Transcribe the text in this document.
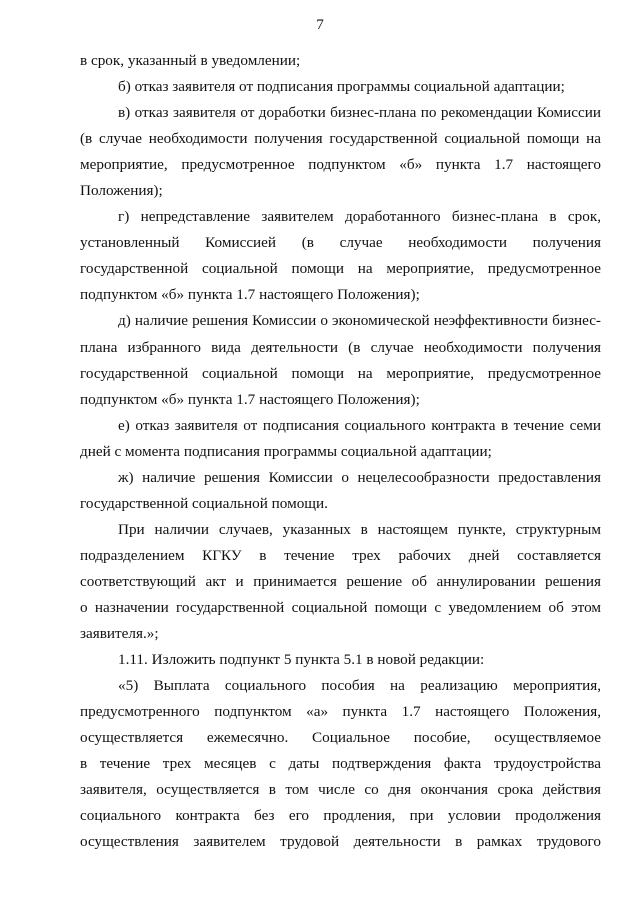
7
в срок, указанный в уведомлении;
б) отказ заявителя от подписания программы социальной адаптации;
в) отказ заявителя от доработки бизнес-плана по рекомендации Комиссии
(в случае необходимости получения государственной социальной помощи на
мероприятие, предусмотренное подпунктом «б» пункта 1.7 настоящего
Положения);
г) непредставление заявителем доработанного бизнес-плана в срок,
установленный Комиссией (в случае необходимости получения
государственной социальной помощи на мероприятие, предусмотренное
подпунктом «б» пункта 1.7 настоящего Положения);
д) наличие решения Комиссии о экономической неэффективности бизнес-
плана избранного вида деятельности (в случае необходимости получения
государственной социальной помощи на мероприятие, предусмотренное
подпунктом «б» пункта 1.7 настоящего Положения);
е) отказ заявителя от подписания социального контракта в течение семи
дней с момента подписания программы социальной адаптации;
ж) наличие решения Комиссии о нецелесообразности предоставления
государственной социальной помощи.
При наличии случаев, указанных в настоящем пункте, структурным
подразделением КГКУ в течение трех рабочих дней составляется
соответствующий акт и принимается решение об аннулировании решения
о назначении государственной социальной помощи с уведомлением об этом
заявителя.»;
1.11. Изложить подпункт 5 пункта 5.1 в новой редакции:
«5) Выплата социального пособия на реализацию мероприятия,
предусмотренного подпунктом «а» пункта 1.7 настоящего Положения,
осуществляется ежемесячно. Социальное пособие, осуществляемое
в течение трех месяцев с даты подтверждения факта трудоустройства
заявителя, осуществляется в том числе со дня окончания срока действия
социального контракта без его продления, при условии продолжения
осуществления заявителем трудовой деятельности в рамках трудового
